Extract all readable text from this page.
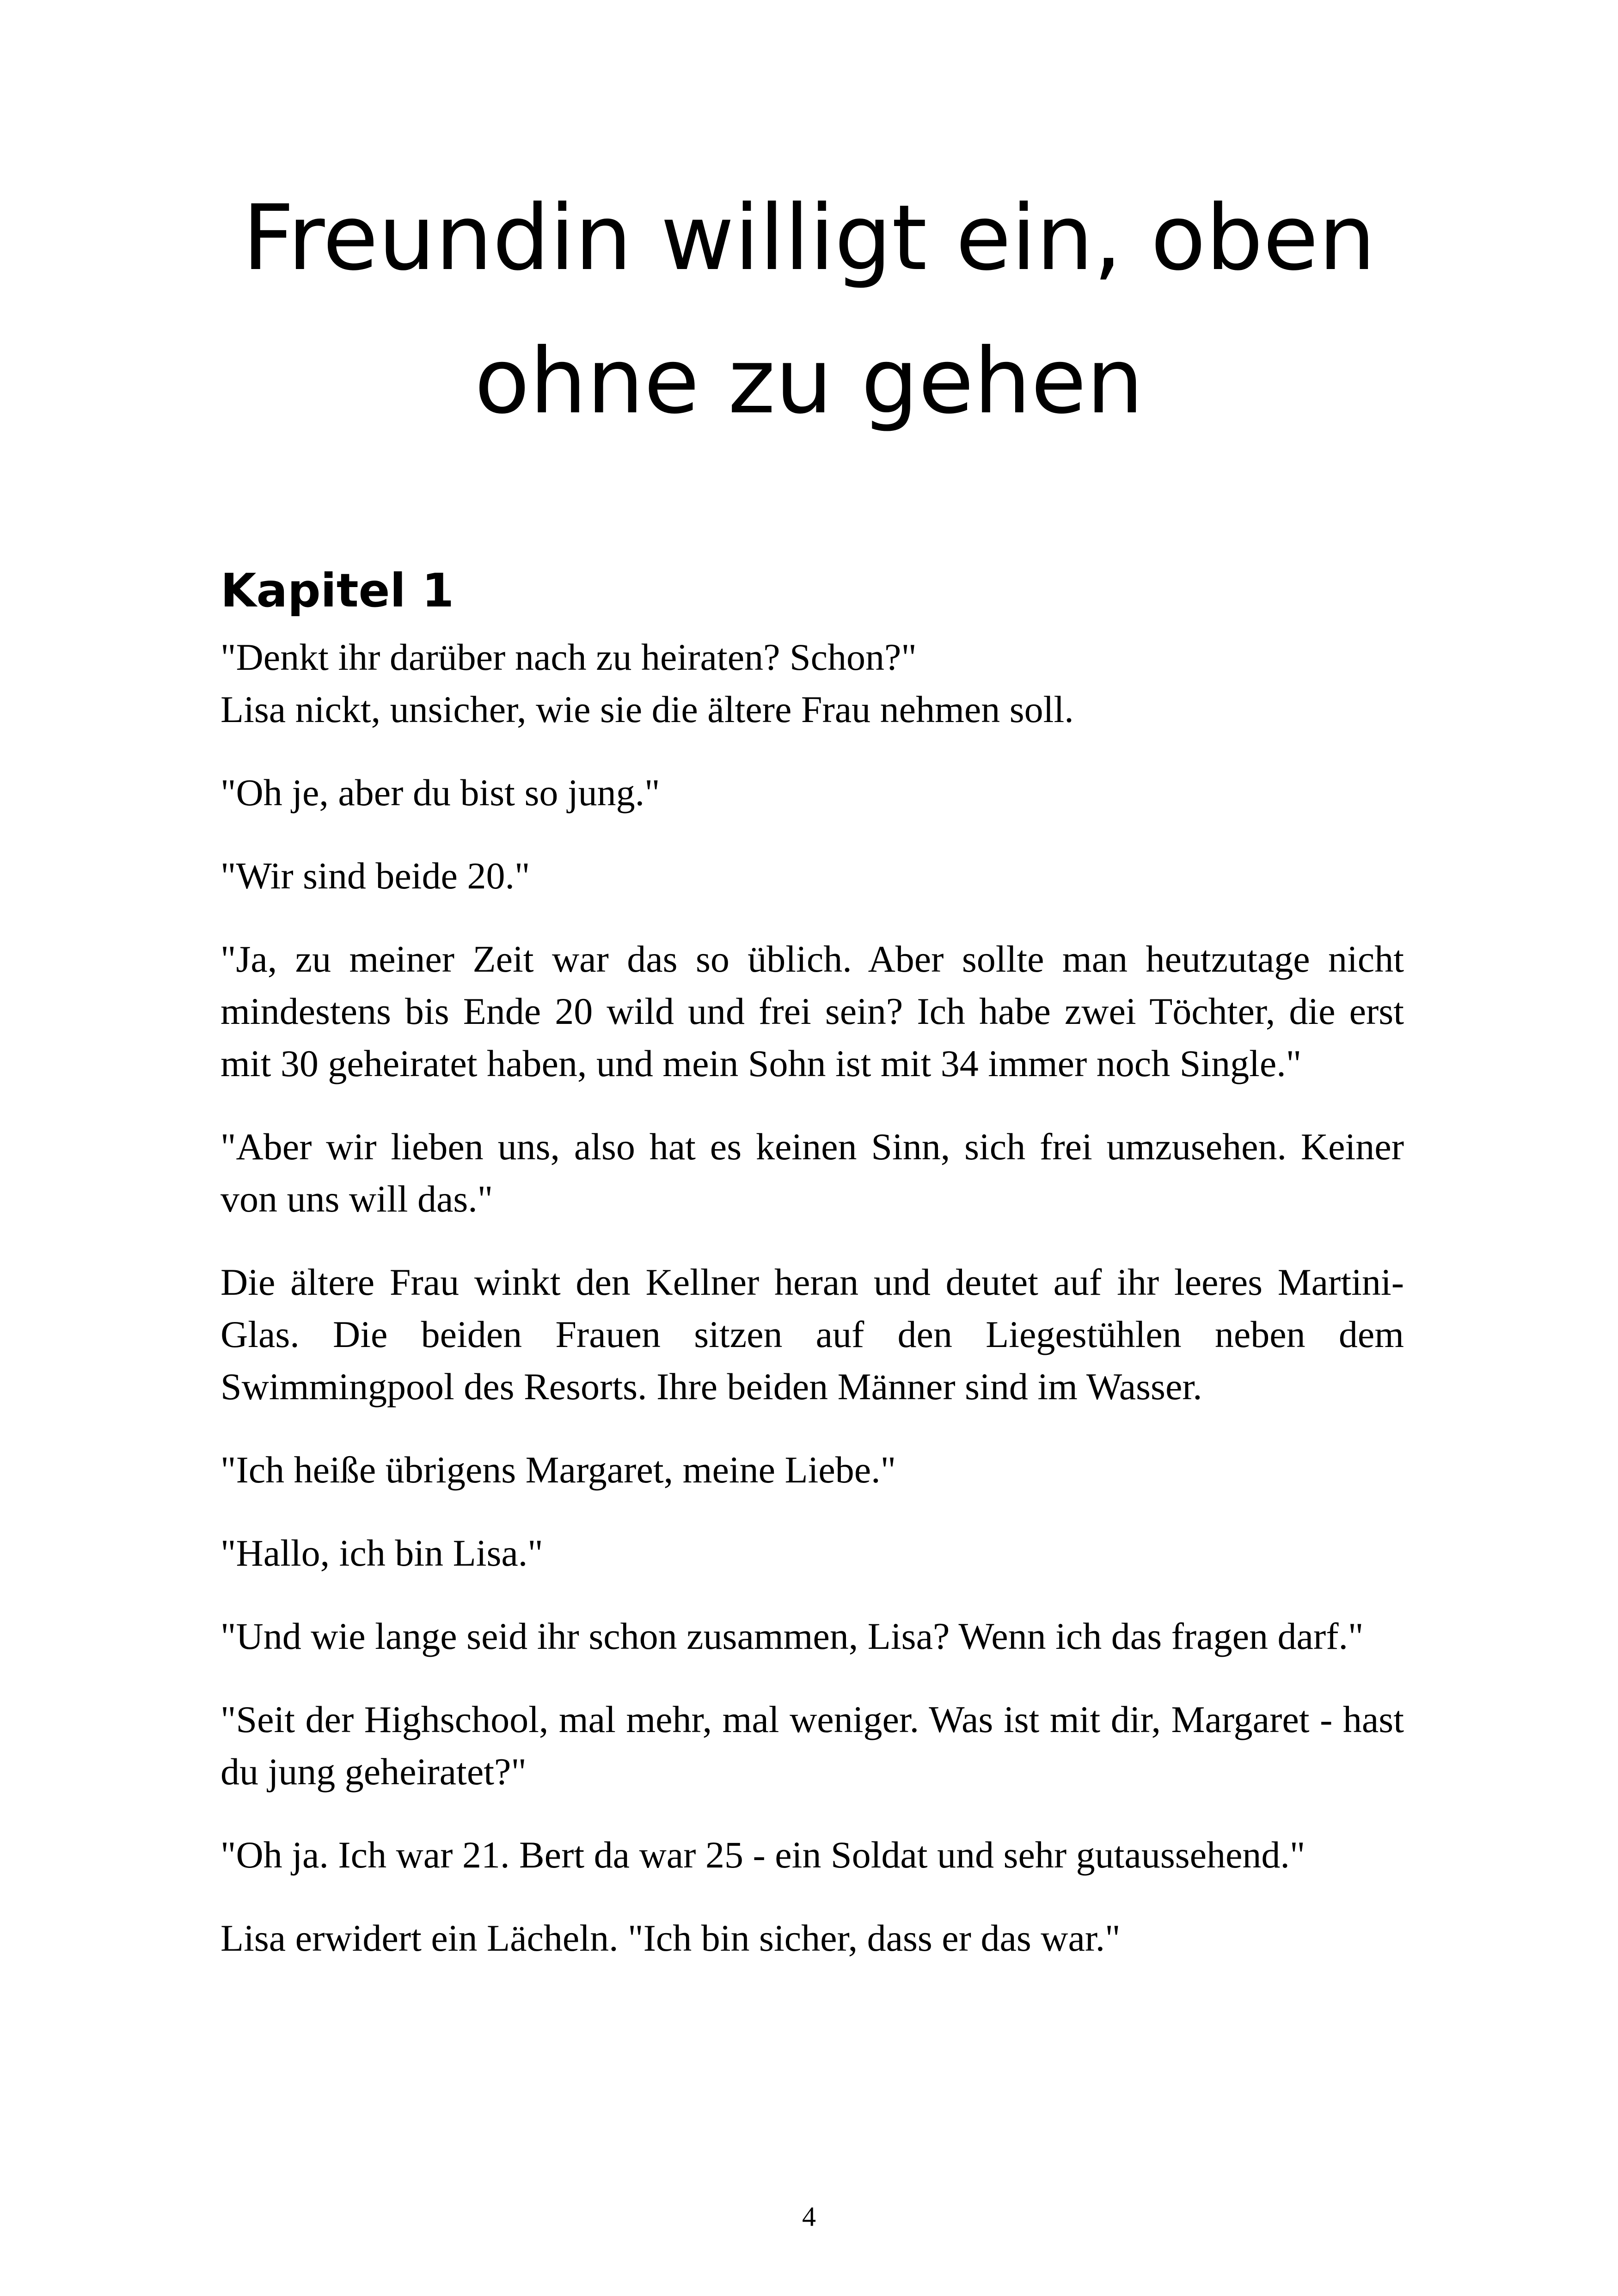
Freundin willigt ein, oben
ohne zu gehen
Kapitel 1
"Denkt ihr darüber nach zu heiraten? Schon?"
Lisa nickt, unsicher, wie sie die ältere Frau nehmen soll.

"Oh je, aber du bist so jung."

"Wir sind beide 20."

"Ja, zu meiner Zeit war das so üblich. Aber sollte man heutzutage nicht mindestens bis Ende 20 wild und frei sein? Ich habe zwei Töchter, die erst mit 30 geheiratet haben, und mein Sohn ist mit 34 immer noch Single."

"Aber wir lieben uns, also hat es keinen Sinn, sich frei umzusehen. Keiner von uns will das."

Die ältere Frau winkt den Kellner heran und deutet auf ihr leeres Martini-Glas. Die beiden Frauen sitzen auf den Liegestühlen neben dem Swimmingpool des Resorts. Ihre beiden Männer sind im Wasser.

"Ich heiße übrigens Margaret, meine Liebe."

"Hallo, ich bin Lisa."

"Und wie lange seid ihr schon zusammen, Lisa? Wenn ich das fragen darf."

"Seit der Highschool, mal mehr, mal weniger. Was ist mit dir, Margaret - hast du jung geheiratet?"

"Oh ja. Ich war 21. Bert da war 25 - ein Soldat und sehr gutaussehend."

Lisa erwidert ein Lächeln. "Ich bin sicher, dass er das war."

4
